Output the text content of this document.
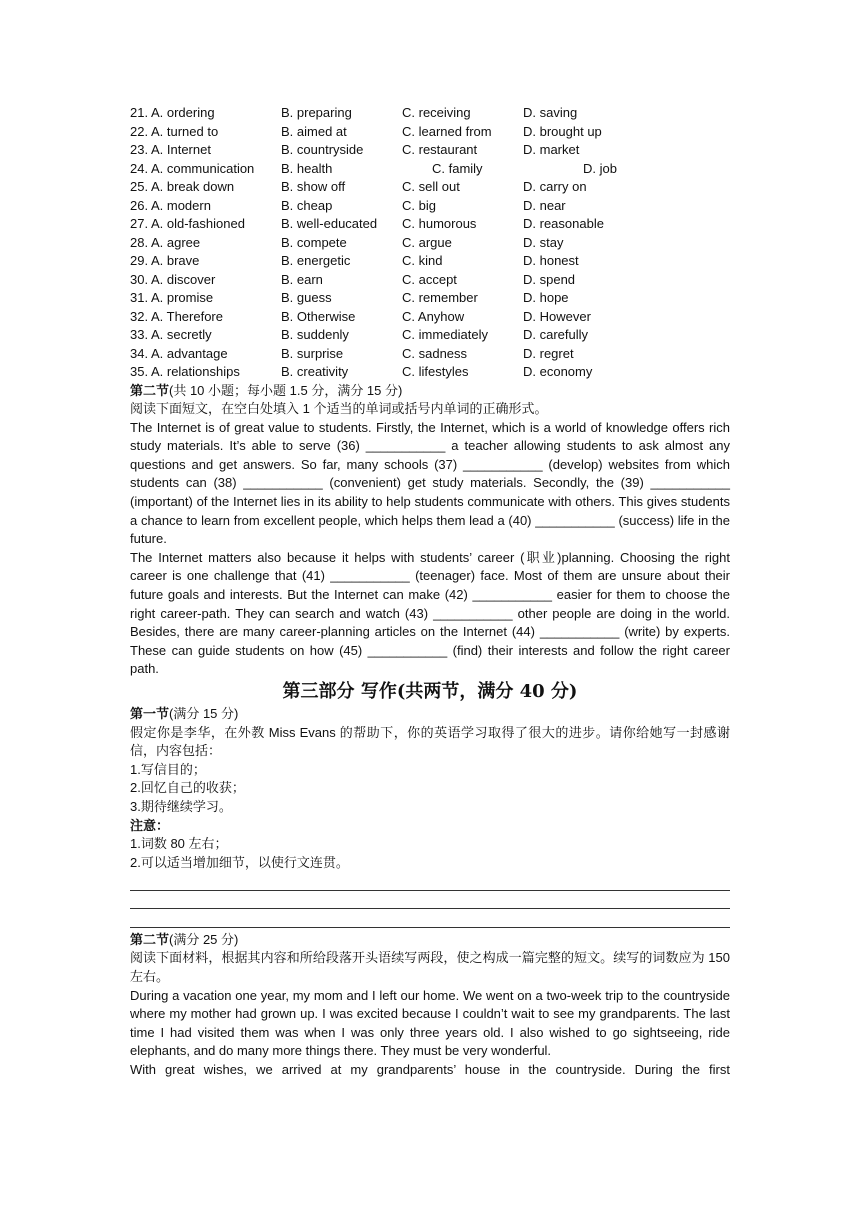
21. A. ordering	B. preparing	C. receiving	D. saving
22. A. turned to	B. aimed at	C. learned from	D. brought up
23. A. Internet	B. countryside	C. restaurant	D. market
24. A. communication	B. health	C. family	D. job
25. A. break down	B. show off	C. sell out	D. carry on
26. A. modern	B. cheap	C. big	D. near
27. A. old-fashioned	B. well-educated	C. humorous	D. reasonable
28. A. agree	B. compete	C. argue	D. stay
29. A. brave	B. energetic	C. kind	D. honest
30. A. discover	B. earn	C. accept	D. spend
31. A. promise	B. guess	C. remember	D. hope
32. A. Therefore	B. Otherwise	C. Anyhow	D. However
33. A. secretly	B. suddenly	C. immediately	D. carefully
34. A. advantage	B. surprise	C. sadness	D. regret
35. A. relationships	B. creativity	C. lifestyles	D. economy
第二节(共 10 小题；每小题 1.5 分，满分 15 分)
阅读下面短文，在空白处填入 1 个适当的单词或括号内单词的正确形式。
The Internet is of great value to students. Firstly, the Internet, which is a world of knowledge offers rich study materials. It’s able to serve (36) ___________ a teacher allowing students to ask almost any questions and get answers. So far, many schools (37) ___________ (develop) websites from which students can (38) ___________ (convenient) get study materials. Secondly, the (39) ___________ (important) of the Internet lies in its ability to help students communicate with others. This gives students a chance to learn from excellent people, which helps them lead a (40) ___________ (success) life in the future.
The Internet matters also because it helps with students’ career (职业)planning. Choosing the right career is one challenge that (41) ___________ (teenager) face. Most of them are unsure about their future goals and interests. But the Internet can make (42) ___________ easier for them to choose the right career-path. They can search and watch (43) ___________ other people are doing in the world. Besides, there are many career-planning articles on the Internet (44) ___________ (write) by experts. These can guide students on how (45) ___________ (find) their interests and follow the right career path.
第三部分 写作(共两节，满分 40 分)
第一节(满分 15 分)
假定你是李华，在外教 Miss Evans 的帮助下，你的英语学习取得了很大的进步。请你给她写一封感谢信，内容包括：
1.写信目的；
2.回忆自己的收获；
3.期待继续学习。
注意：
1.词数 80 左右；
2.可以适当增加细节，以使行文连贯。
第二节(满分 25 分)
阅读下面材料，根据其内容和所给段落开头语续写两段，使之构成一篇完整的短文。续写的词数应为 150 左右。
During a vacation one year, my mom and I left our home. We went on a two-week trip to the countryside where my mother had grown up. I was excited because I couldn’t wait to see my grandparents. The last time I had visited them was when I was only three years old. I also wished to go sightseeing, ride elephants, and do many more things there. They must be very wonderful.
With great wishes, we arrived at my grandparents’ house in the countryside. During the first
